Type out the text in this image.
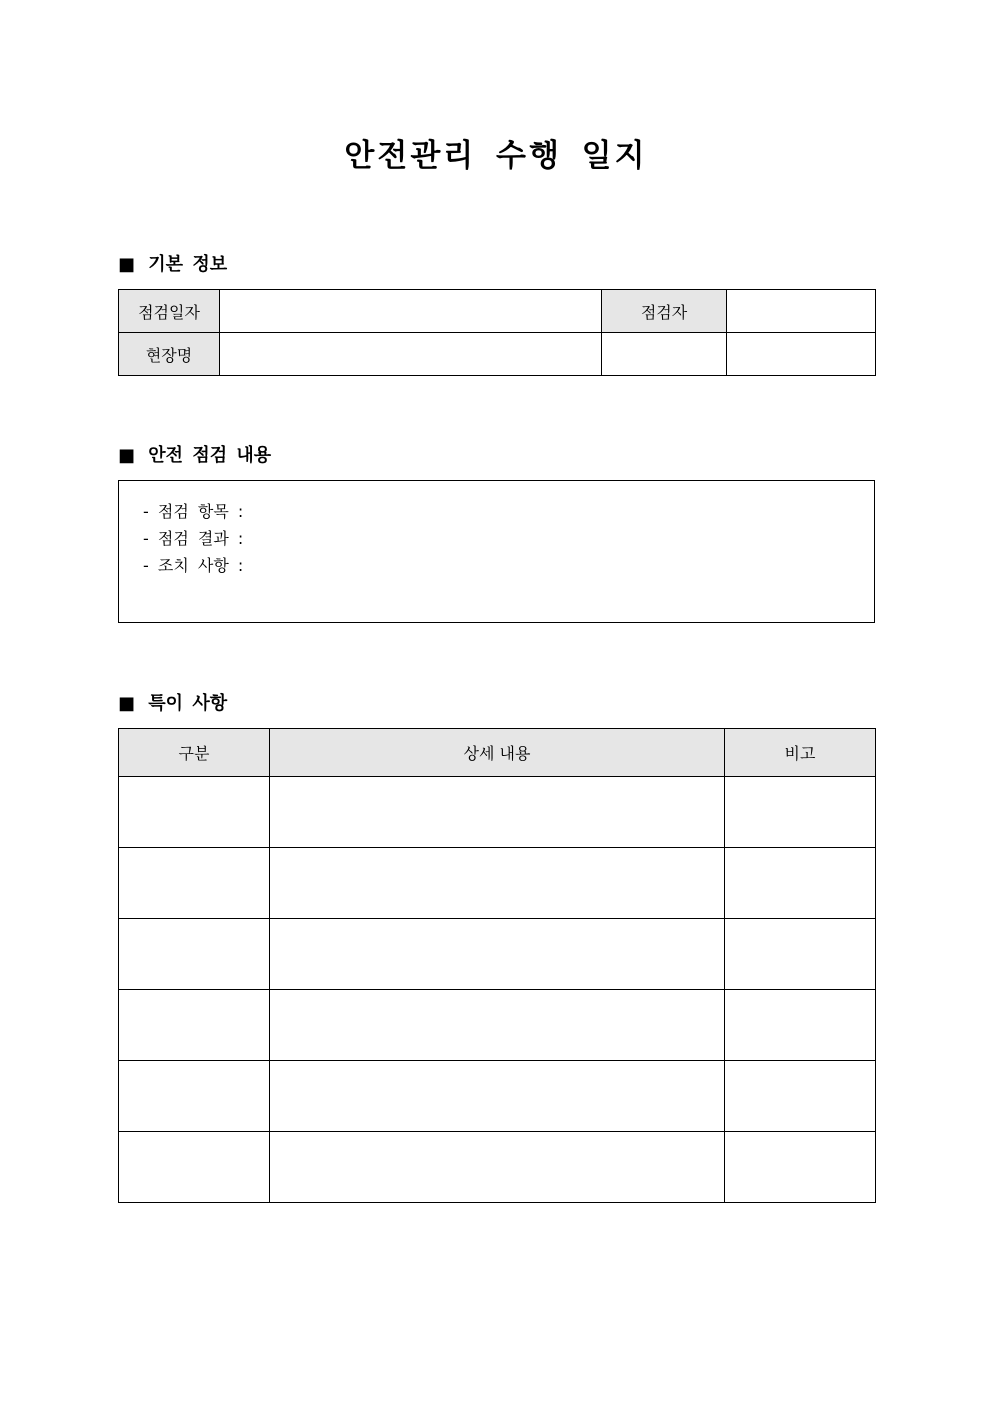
안전관리 수행 일지
■ 기본 정보
점검일자		점검자	
현장명			
■ 안전 점검 내용
- 점검 항목 :
- 점검 결과 :
- 조치 사항 :
■ 특이 사항
구분	상세 내용	비고
